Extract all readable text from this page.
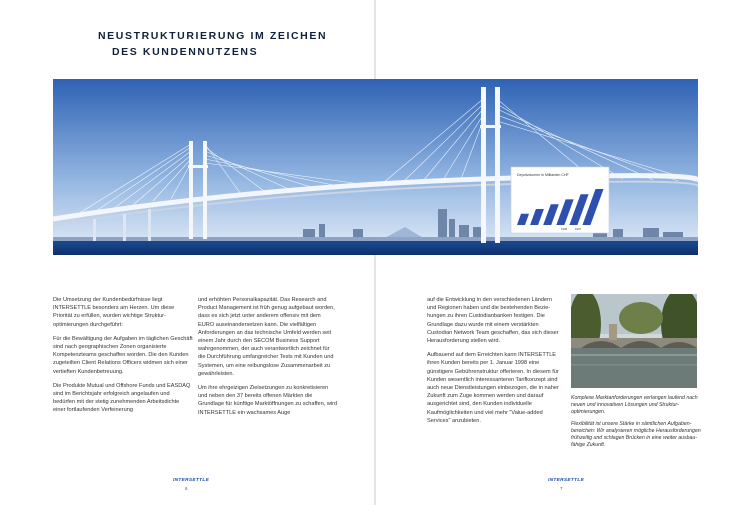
NEUSTRUKTURIERUNG IM ZEICHEN
DES KUNDENNUTZENS
Depotvolumen in Milliarden CHF
1996	1997

Die Umsetzung der Kundenbedürfnisse liegt INTERSETTLE besonders am Herzen. Um diese Priorität zu erfüllen, wurden wichtige Strukturoptimierungen durchgeführt:

Für die Bewältigung der Aufgaben im täglichen Geschäft sind nach geographischen Zonen organisierte Kompetenzteams geschaffen worden. Die den Kunden zugeteilten Client Relations Officers widmen sich einer vertieften Kundenbetreuung.

Die Produkte Mutual und Offshore Funds und EASDAQ sind im Berichtsjahr erfolgreich angelaufen und bedürfen mit der stetig zunehmenden Arbeitsdichte einer fortlaufenden Verfeinerung

und erhöhten Personalkapazität. Das Research and Product Management ist früh genug aufgebaut worden, dass es sich jetzt unter anderem offensiv mit dem EURO auseinandersetzen kann. Die vielfältigen Anforderungen an das technische Umfeld werden seit einem Jahr durch den SECOM Business Support wahrgenommen, der auch verantwortlich zeichnet für die Durchführung umfangreicher Tests mit Kunden und Systemen, um eine reibungslose Zusammenarbeit zu gewährleisten.

Um ihre ehrgeizigen Zielsetzungen zu konkretisieren und neben den 37 bereits offenen Märkten die Grundlage für künftige Marktöffnungen zu schaffen, wird INTERSETTLE ein wachsames Auge

auf die Entwicklung in den verschiedenen Ländern und Regionen haben und die bestehenden Beziehungen zu ihren Custodianbanken festigen. Die Grundlage dazu wurde mit einem verstärkten Custodian Network Team geschaffen, das sich dieser Herausforderung stellen wird.

Aufbauend auf dem Erreichten kann INTERSETTLE ihren Kunden bereits per 1. Januar 1998 eine günstigere Gebührenstruktur offerieren. In diesem für Kunden wesentlich interessanteren Tarifkonzept sind auch neue Dienstleistungen einbezogen, die in naher Zukunft zum Zuge kommen werden und darauf ausgerichtet sind, den Kunden individuelle Kaufmöglichkeiten und viel mehr "Value-added Services" anzubieten.

Komplexe Marktanforderungen verlangen laufend nach neuen und innovativen Lösungen und Strukturoptimierungen.

Flexibilität ist unsere Stärke in sämtlichen Aufgabenbereichen: Wir analysieren mögliche Herausforderungen frühzeitig und schlagen Brücken in eine weiter ausbaufähige Zukunft.

INTERSETTLE
6
INTERSETTLE
7
